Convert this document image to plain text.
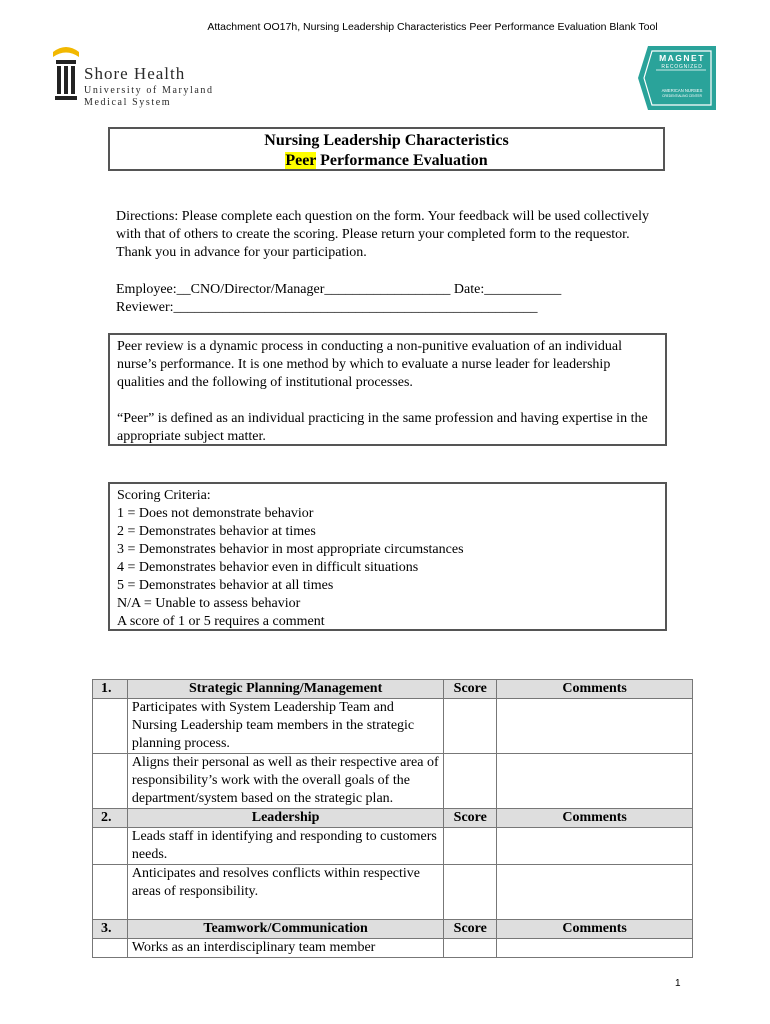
Attachment OO17h, Nursing Leadership Characteristics Peer Performance Evaluation Blank Tool
Shore Health
University of Maryland
Medical System
MAGNET
RECOGNIZED
AMERICAN NURSES
CREDENTIALING CENTER
Nursing Leadership Characteristics
Peer Performance Evaluation
Directions: Please complete each question on the form. Your feedback will be used collectively with that of others to create the scoring. Please return your completed form to the requestor. Thank you in advance for your participation.
Employee:__CNO/Director/Manager__________________ Date:___________
Reviewer:____________________________________________________

Peer review is a dynamic process in conducting a non-punitive evaluation of an individual nurse’s performance. It is one method by which to evaluate a nurse leader for leadership qualities and the following of institutional processes.

“Peer” is defined as an individual practicing in the same profession and having expertise in the appropriate subject matter.

Scoring Criteria:
1 = Does not demonstrate behavior
2 = Demonstrates behavior at times
3 = Demonstrates behavior in most appropriate circumstances
4 = Demonstrates behavior even in difficult situations
5 = Demonstrates behavior at all times
N/A = Unable to assess behavior
A score of 1 or 5 requires a comment
1.	Strategic Planning/Management	Score	Comments
	Participates with System Leadership Team and Nursing Leadership team members in the strategic planning process.		
	Aligns their personal as well as their respective area of responsibility’s work with the overall goals of the department/system based on the strategic plan.		
2.	Leadership	Score	Comments
	Leads staff in identifying and responding to customers needs.		
	Anticipates and resolves conflicts within respective areas of responsibility.		
3.	Teamwork/Communication	Score	Comments
	Works as an interdisciplinary team member		
1
